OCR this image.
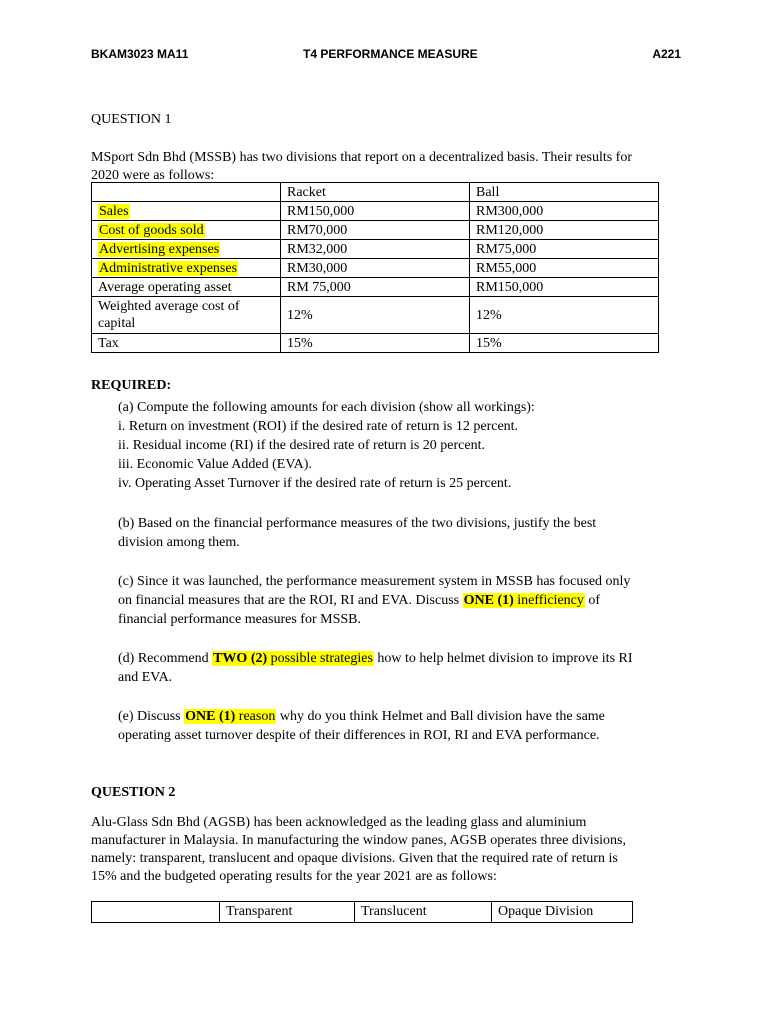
BKAM3023 MA11	T4 PERFORMANCE MEASURE	A221
QUESTION 1
MSport Sdn Bhd (MSSB) has two divisions that report on a decentralized basis. Their results for
2020 were as follows:
	Racket	Ball
Sales	RM150,000	RM300,000
Cost of goods sold	RM70,000	RM120,000
Advertising expenses	RM32,000	RM75,000
Administrative expenses	RM30,000	RM55,000
Average operating asset	RM 75,000	RM150,000

Weighted average cost of
capital	12%	12%
Tax	15%	15%
REQUIRED:
(a) Compute the following amounts for each division (show all workings):
i. Return on investment (ROI) if the desired rate of return is 12 percent.
ii. Residual income (RI) if the desired rate of return is 20 percent.
iii. Economic Value Added (EVA).
iv. Operating Asset Turnover if the desired rate of return is 25 percent.
(b) Based on the financial performance measures of the two divisions, justify the best
division among them.
(c) Since it was launched, the performance measurement system in MSSB has focused only
on financial measures that are the ROI, RI and EVA. Discuss ONE (1) inefficiency of
financial performance measures for MSSB.
(d) Recommend TWO (2) possible strategies how to help helmet division to improve its RI
and EVA.
(e) Discuss ONE (1) reason why do you think Helmet and Ball division have the same
operating asset turnover despite of their differences in ROI, RI and EVA performance.
QUESTION 2
Alu-Glass Sdn Bhd (AGSB) has been acknowledged as the leading glass and aluminium
manufacturer in Malaysia. In manufacturing the window panes, AGSB operates three divisions,
namely: transparent, translucent and opaque divisions. Given that the required rate of return is
15% and the budgeted operating results for the year 2021 are as follows:
	Transparent	Translucent	Opaque Division
